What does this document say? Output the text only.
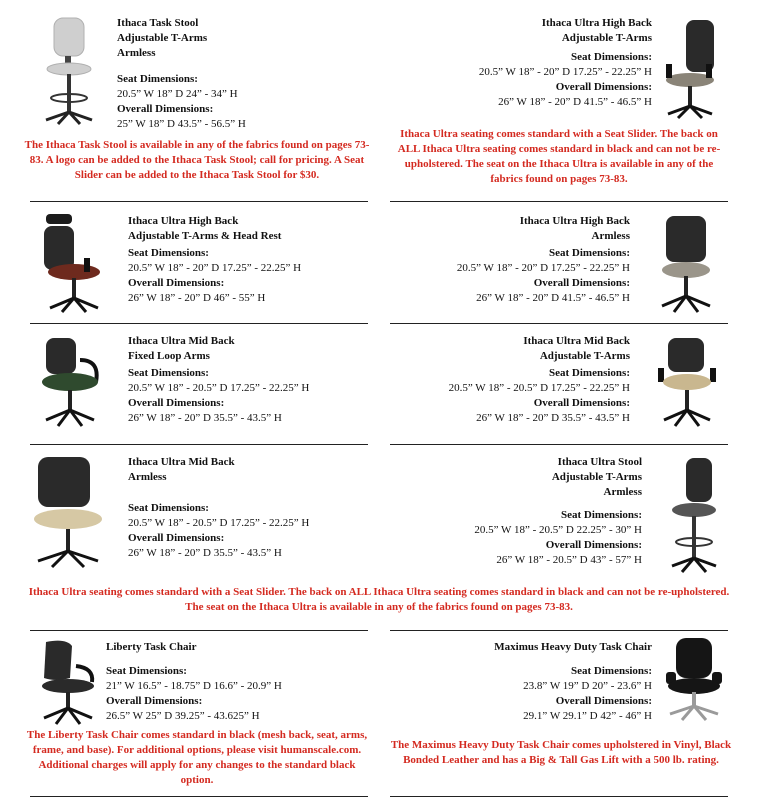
Ithaca Task Stool
Adjustable T-Arms
Armless
Seat Dimensions:
20.5” W 18” D 24” - 34” H
Overall Dimensions:
25” W 18” D 43.5” - 56.5” H
Ithaca Ultra High Back
Adjustable T-Arms
Seat Dimensions:
20.5” W 18” - 20” D 17.25” - 22.25” H
Overall Dimensions:
26” W 18” - 20” D 41.5” - 46.5” H
Ithaca Ultra High Back
Adjustable T-Arms & Head Rest
Seat Dimensions:
20.5” W 18” - 20” D 17.25” - 22.25” H
Overall Dimensions:
26” W 18” - 20” D 46” - 55” H
Ithaca Ultra High Back
Armless
Seat Dimensions:
20.5” W 18” - 20” D 17.25” - 22.25” H
Overall Dimensions:
26” W 18” - 20” D 41.5” - 46.5” H
Ithaca Ultra Mid Back
Fixed Loop Arms
Seat Dimensions:
20.5” W 18” - 20.5” D 17.25” - 22.25” H
Overall Dimensions:
26” W 18” - 20” D 35.5” - 43.5” H
Ithaca Ultra Mid Back
Adjustable T-Arms
Seat Dimensions:
20.5” W 18” - 20.5” D 17.25” - 22.25” H
Overall Dimensions:
26” W 18” - 20” D 35.5” - 43.5” H
Ithaca Ultra Mid Back
Armless
Seat Dimensions:
20.5” W 18” - 20.5” D 17.25” - 22.25” H
Overall Dimensions:
26” W 18” - 20” D 35.5” - 43.5” H
Ithaca Ultra Stool
Adjustable T-Arms
Armless
Seat Dimensions:
20.5” W 18” - 20.5” D 22.25” - 30” H
Overall Dimensions:
26” W 18” - 20.5” D 43” - 57” H
Liberty Task Chair
Seat Dimensions:
21” W 16.5” - 18.75” D 16.6” - 20.9” H
Overall Dimensions:
26.5” W 25” D 39.25” - 43.625” H
Maximus Heavy Duty Task Chair
Seat Dimensions:
23.8” W 19” D 20” - 23.6” H
Overall Dimensions:
29.1” W 29.1” D 42” - 46” H
The Ithaca Task Stool is available in any of the fabrics found on pages 73-83. A logo can be added to the Ithaca Task Stool; call for pricing. A Seat Slider can be added to the Ithaca Task Stool for $30.
Ithaca Ultra seating comes standard with a Seat Slider. The back on ALL Ithaca Ultra seating comes standard in black and can not be re-upholstered. The seat on the Ithaca Ultra is available in any of the fabrics found on pages 73-83.
Ithaca Ultra seating comes standard with a Seat Slider. The back on ALL Ithaca Ultra seating comes standard in black and can not be re-upholstered. The seat on the Ithaca Ultra is available in any of the fabrics found on pages 73-83.
The Liberty Task Chair comes standard in black (mesh back, seat, arms, frame, and base). For additional options, please visit humanscale.com. Additional charges will apply for any changes to the standard black option.
The Maximus Heavy Duty Task Chair comes upholstered in Vinyl, Black Bonded Leather and has a Big & Tall Gas Lift with a 500 lb. rating.
